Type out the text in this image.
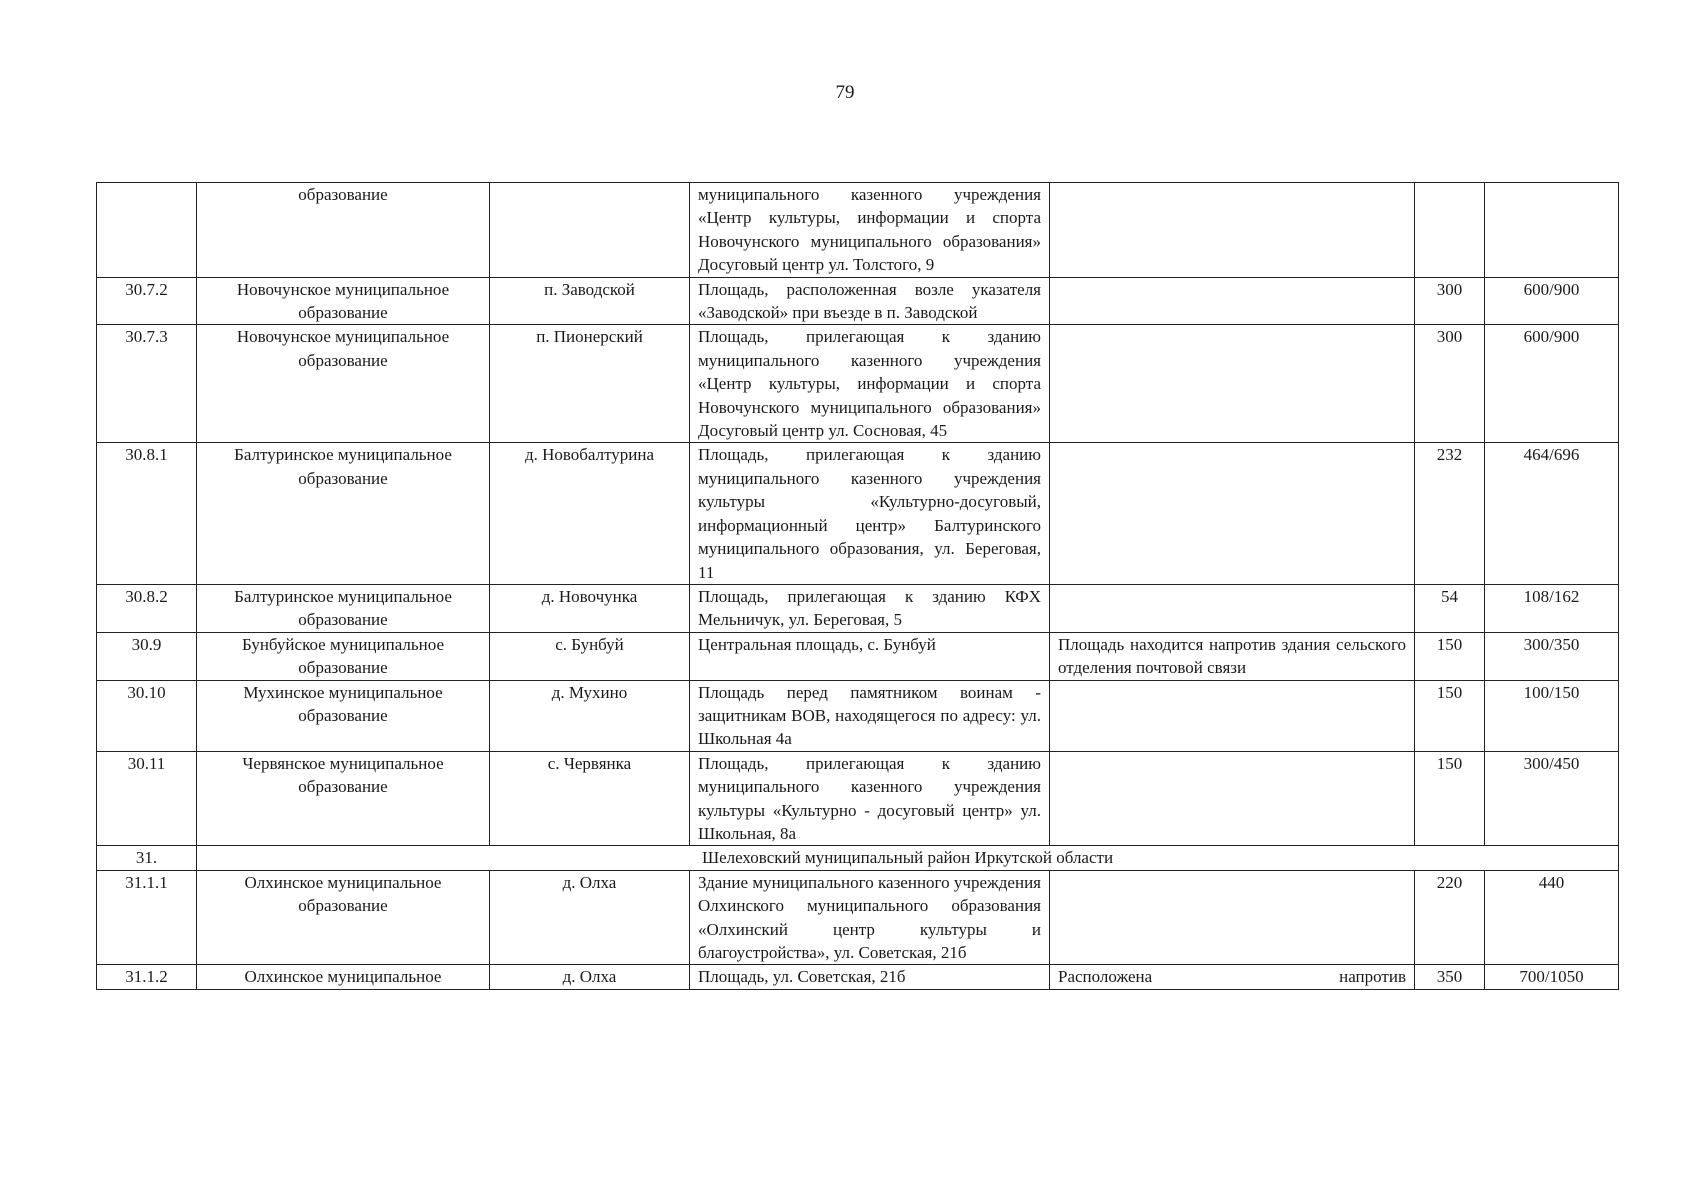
79
	образование		муниципального казенного учреждения «Центр культуры, информации и спорта Новочунского муниципального образования» Досуговый центр ул. Толстого, 9			
30.7.2	Новочунское муниципальное образование	п. Заводской	Площадь, расположенная возле указателя «Заводской» при въезде в п. Заводской		300	600/900
30.7.3	Новочунское муниципальное образование	п. Пионерский	Площадь, прилегающая к зданию муниципального казенного учреждения «Центр культуры, информации и спорта Новочунского муниципального образования» Досуговый центр ул. Сосновая, 45		300	600/900
30.8.1	Балтуринское муниципальное образование	д. Новобалтурина	Площадь, прилегающая к зданию муниципального казенного учреждения культуры «Культурно-досуговый, информационный центр» Балтуринского муниципального образования, ул. Береговая, 11		232	464/696
30.8.2	Балтуринское муниципальное образование	д. Новочунка	Площадь, прилегающая к зданию КФХ Мельничук, ул. Береговая, 5		54	108/162
30.9	Бунбуйское муниципальное образование	с. Бунбуй	Центральная площадь, с. Бунбуй	Площадь находится напротив здания сельского отделения почтовой связи	150	300/350
30.10	Мухинское муниципальное образование	д. Мухино	Площадь перед памятником воинам - защитникам ВОВ, находящегося по адресу: ул. Школьная 4а		150	100/150
30.11	Червянское муниципальное образование	с. Червянка	Площадь, прилегающая к зданию муниципального казенного учреждения культуры «Культурно - досуговый центр» ул. Школьная, 8а		150	300/450
31.	Шелеховский муниципальный район Иркутской области					
31.1.1	Олхинское муниципальное образование	д. Олха	Здание муниципального казенного учреждения Олхинского муниципального образования «Олхинский центр культуры и благоустройства», ул. Советская, 21б		220	440
31.1.2	Олхинское муниципальное	д. Олха	Площадь, ул. Советская, 21б	Расположена напротив	350	700/1050
